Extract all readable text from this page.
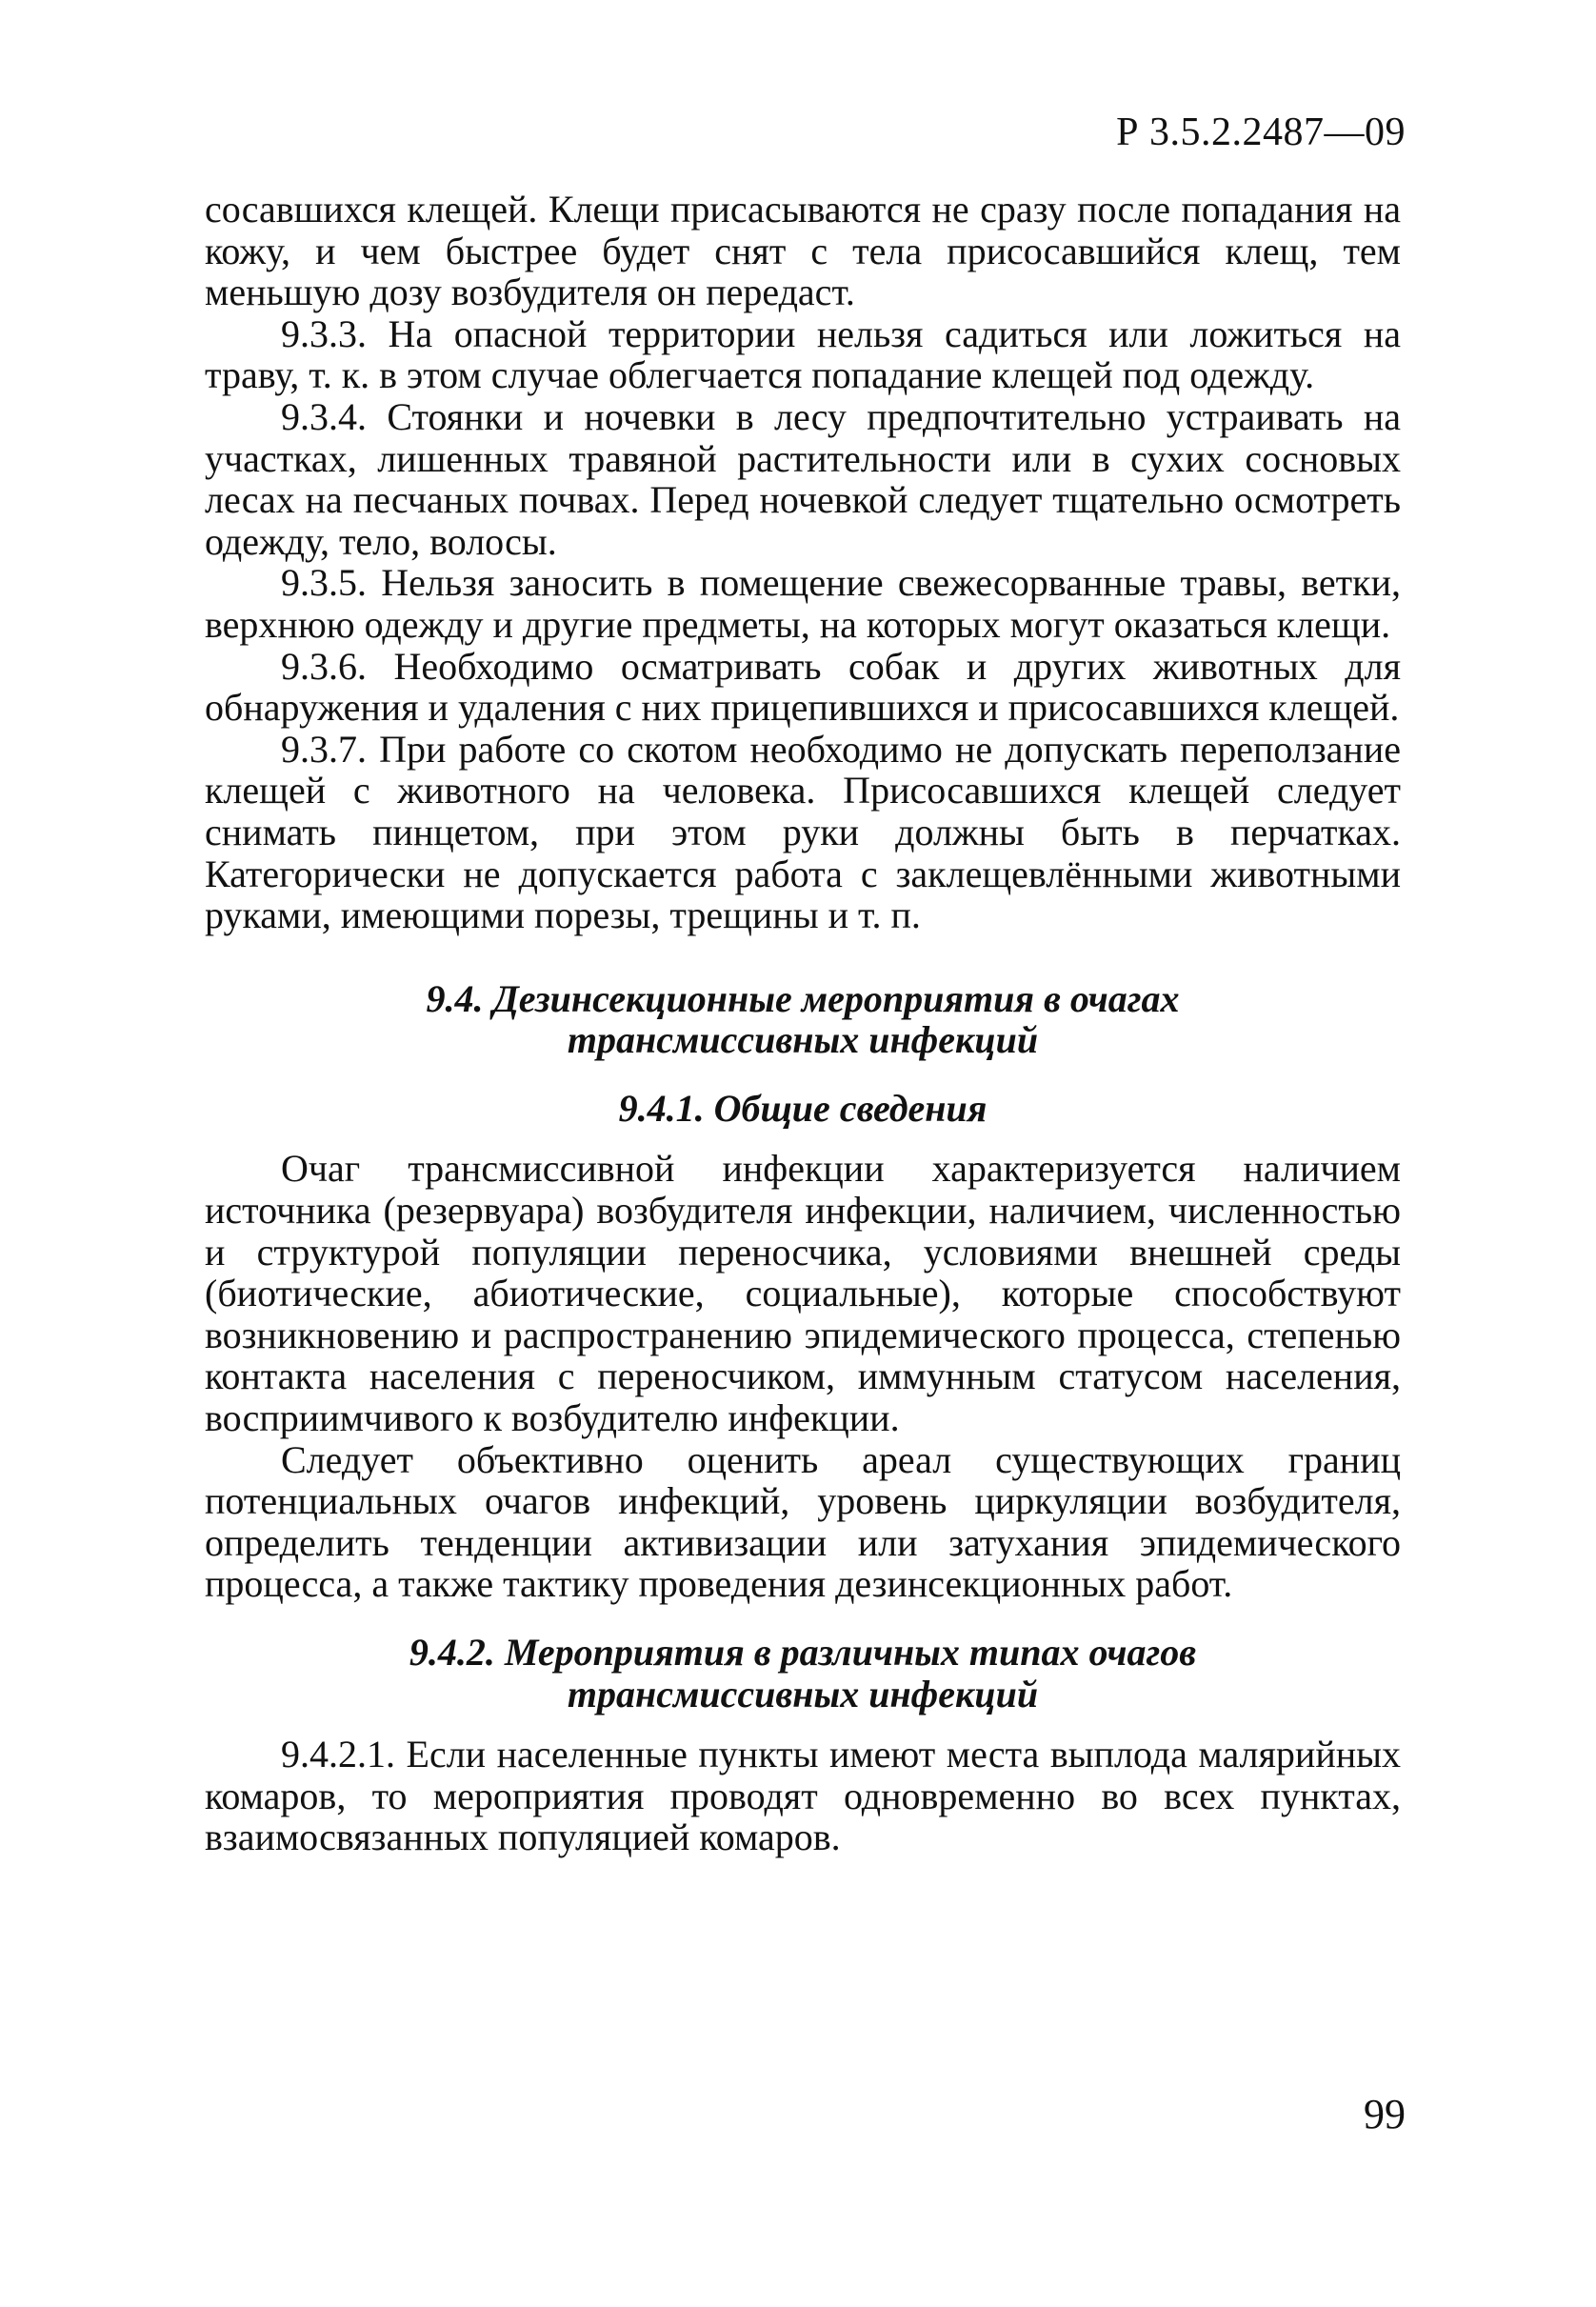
Р 3.5.2.2487—09

сосавшихся клещей. Клещи присасываются не сразу после попадания на кожу, и чем быстрее будет снят с тела присосавшийся клещ, тем меньшую дозу возбудителя он передаст.

9.3.3. На опасной территории нельзя садиться или ложиться на траву, т. к. в этом случае облегчается попадание клещей под одежду.

9.3.4. Стоянки и ночевки в лесу предпочтительно устраивать на участках, лишенных травяной растительности или в сухих сосновых лесах на песчаных почвах. Перед ночевкой следует тщательно осмотреть одежду, тело, волосы.

9.3.5. Нельзя заносить в помещение свежесорванные травы, ветки, верхнюю одежду и другие предметы, на которых могут оказаться клещи.

9.3.6. Необходимо осматривать собак и других животных для обнаружения и удаления с них прицепившихся и присосавшихся клещей.

9.3.7. При работе со скотом необходимо не допускать переползание клещей с животного на человека. Присосавшихся клещей следует снимать пинцетом, при этом руки должны быть в перчатках. Категорически не допускается работа с заклещевлёнными животными руками, имеющими порезы, трещины и т. п.

9.4. Дезинсекционные мероприятия в очагах
трансмиссивных инфекций
9.4.1. Общие сведения

Очаг трансмиссивной инфекции характеризуется наличием источника (резервуара) возбудителя инфекции, наличием, численностью и структурой популяции переносчика, условиями внешней среды (биотические, абиотические, социальные), которые способствуют возникновению и распространению эпидемического процесса, степенью контакта населения с переносчиком, иммунным статусом населения, восприимчивого к возбудителю инфекции.

Следует объективно оценить ареал существующих границ потенциальных очагов инфекций, уровень циркуляции возбудителя, определить тенденции активизации или затухания эпидемического процесса, а также тактику проведения дезинсекционных работ.

9.4.2. Мероприятия в различных типах очагов
трансмиссивных инфекций

9.4.2.1. Если населенные пункты имеют места выплода малярийных комаров, то мероприятия проводят одновременно во всех пунктах, взаимосвязанных популяцией комаров.

99
